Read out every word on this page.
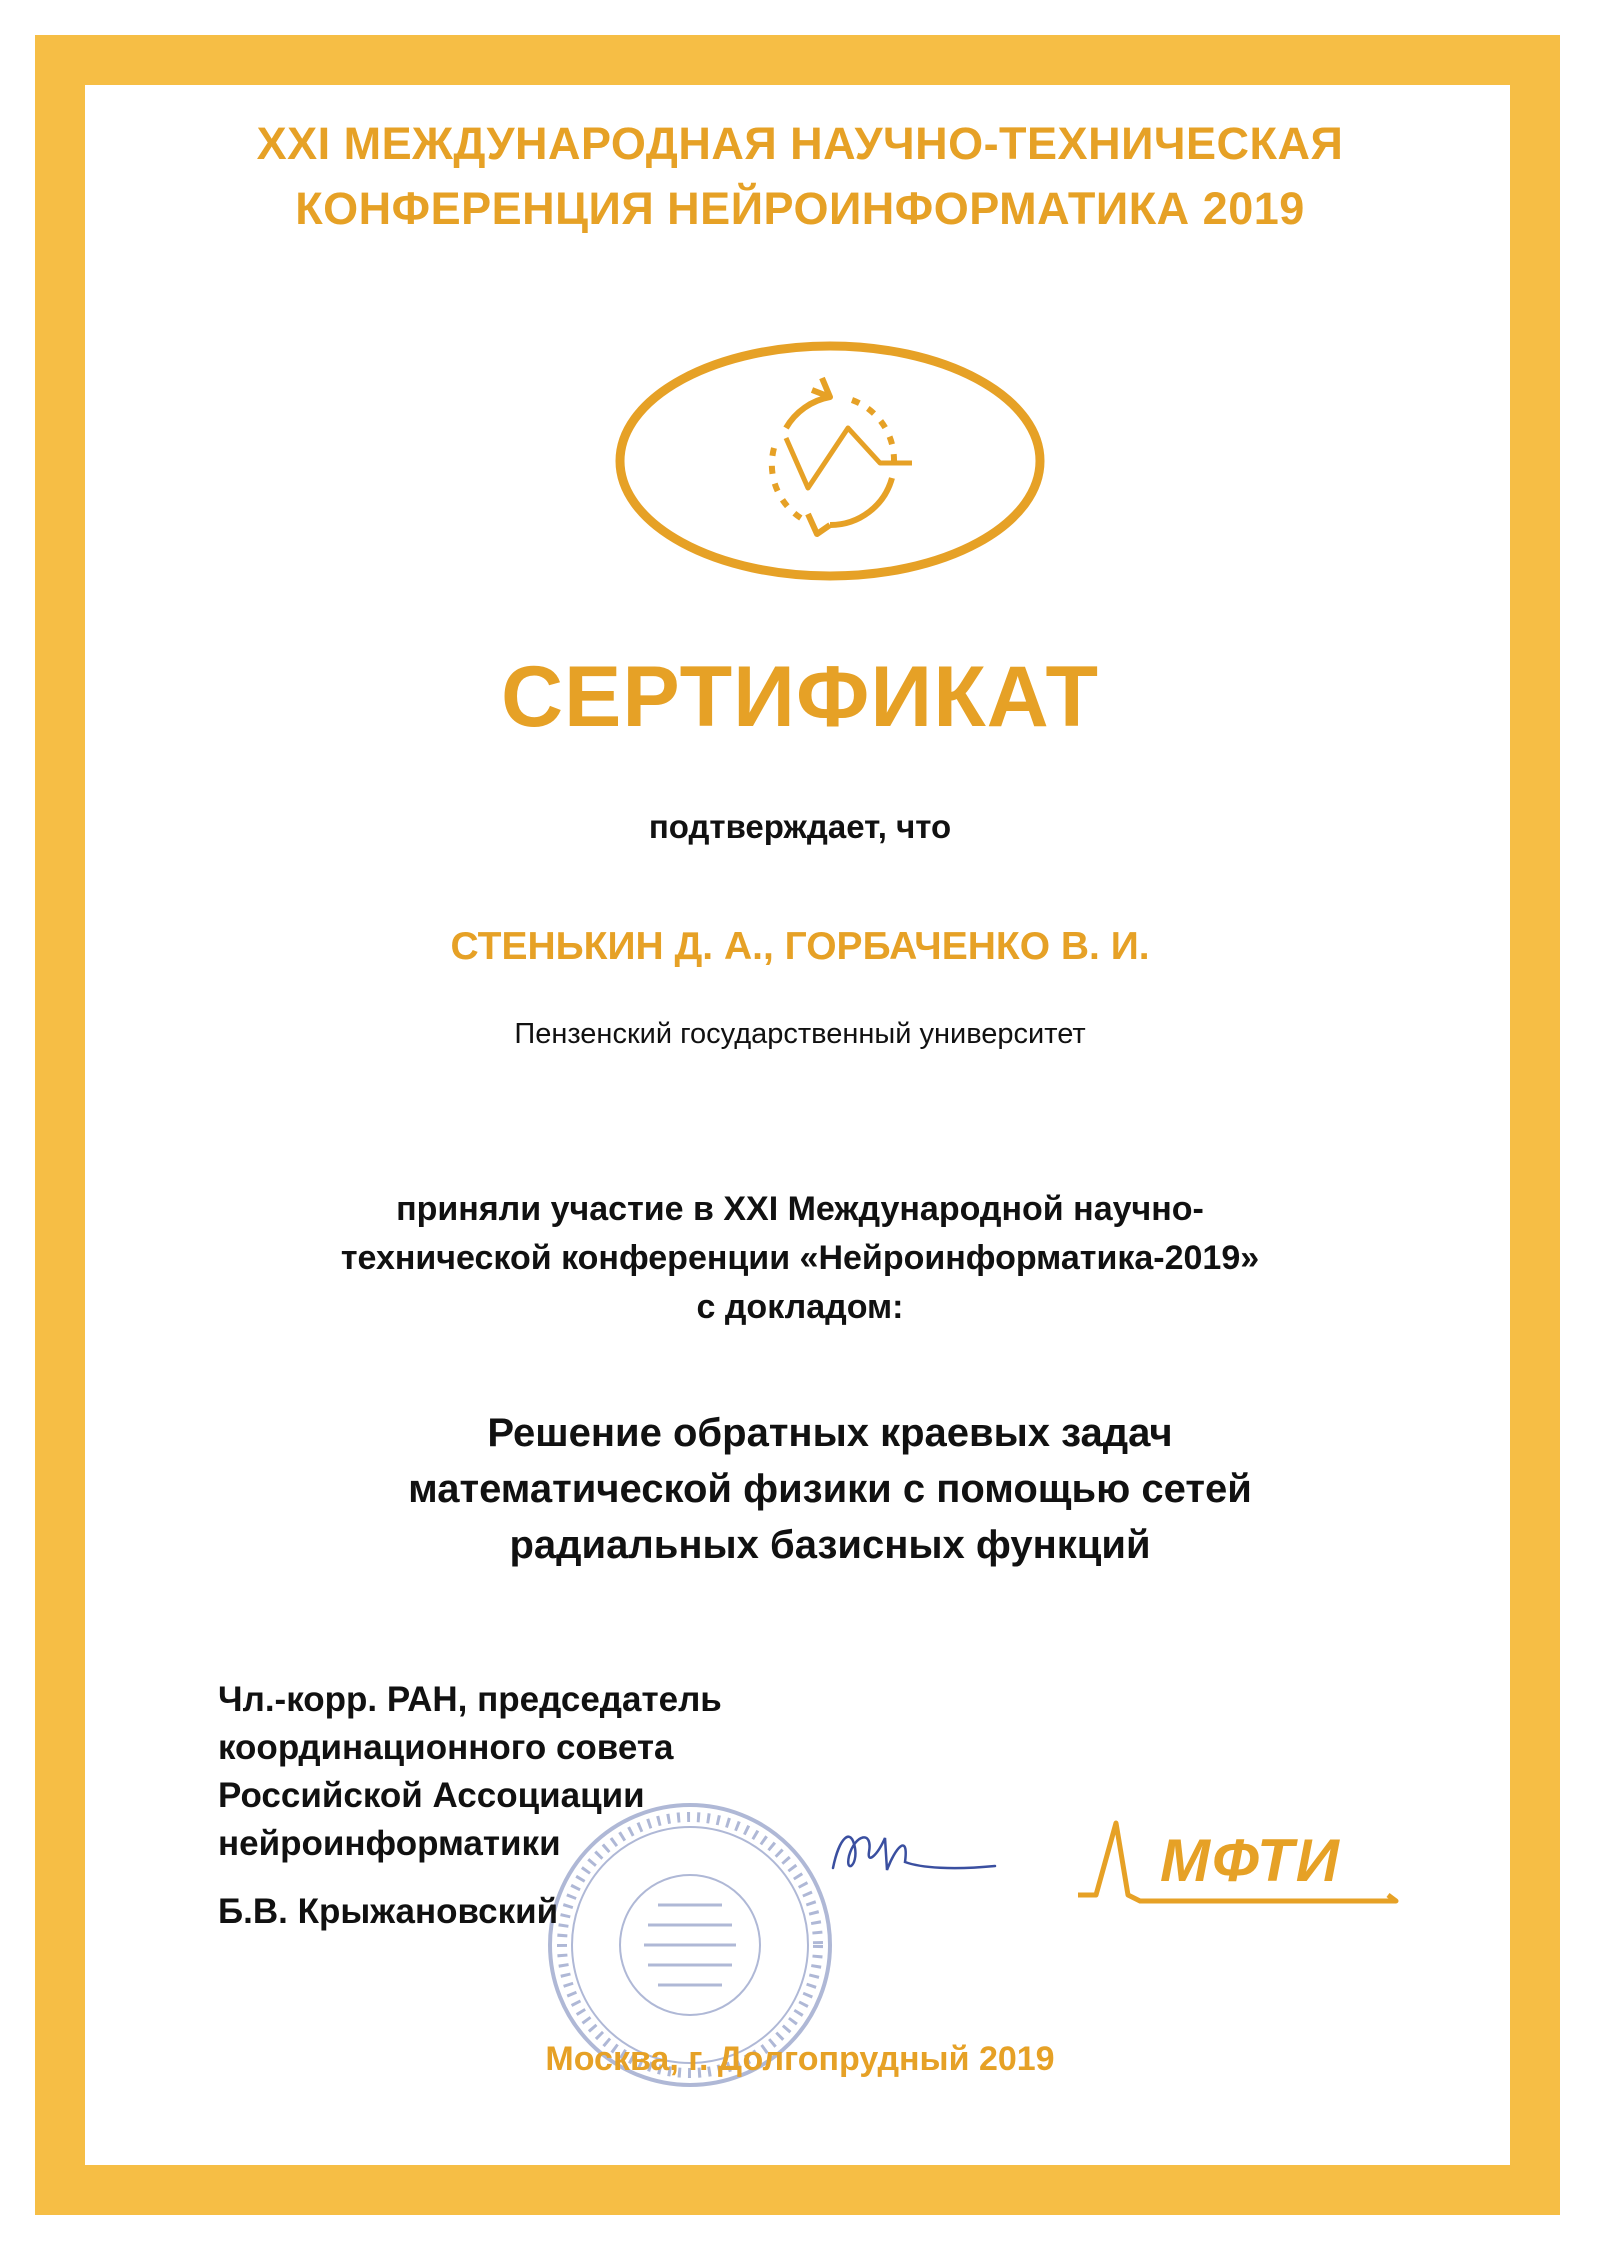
XXI МЕЖДУНАРОДНАЯ НАУЧНО-ТЕХНИЧЕСКАЯ
КОНФЕРЕНЦИЯ НЕЙРОИНФОРМАТИКА 2019
СЕРТИФИКАТ
подтверждает, что
СТЕНЬКИН Д. А., ГОРБАЧЕНКО В. И.
Пензенский государственный университет
приняли участие в XXI Международной научно-
технической конференции «Нейроинформатика-2019»
с докладом:
Решение обратных краевых задач
математической физики с помощью сетей
радиальных базисных функций
Чл.-корр. РАН, председатель
координационного совета
Российской Ассоциации
нейроинформатики
Б.В. Крыжановский
МФТИ
Москва, г. Долгопрудный 2019
